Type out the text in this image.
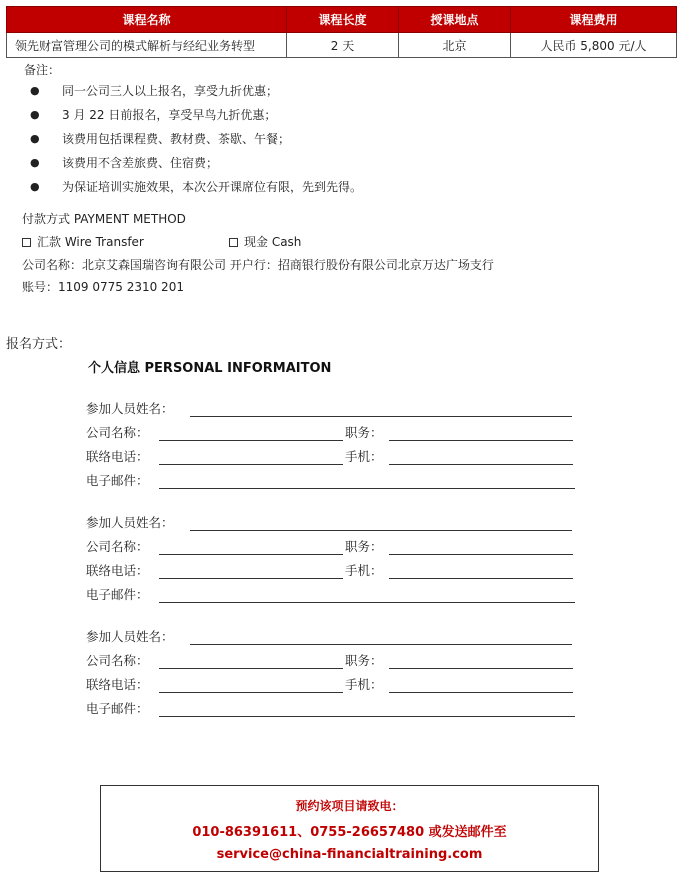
课程名称	课程长度	授课地点	课程费用
领先财富管理公司的模式解析与经纪业务转型	2 天	北京	人民币 5,800 元/人
备注：
●	同一公司三人以上报名，享受九折优惠；
●	3 月 22 日前报名，享受早鸟九折优惠；
●	该费用包括课程费、教材费、茶歇、午餐；
●	该费用不含差旅费、住宿费；
●	为保证培训实施效果，本次公开课席位有限，先到先得。
付款方式 PAYMENT METHOD
汇款 Wire Transfer	现金 Cash
公司名称：北京艾森国瑞咨询有限公司 开户行：招商银行股份有限公司北京万达广场支行
账号：1109 0775 2310 201
报名方式：
个人信息 PERSONAL INFORMAITON
参加人员姓名：
公司名称：	职务：
联络电话：	手机：
电子邮件：
参加人员姓名：
公司名称：	职务：
联络电话：	手机：
电子邮件：
参加人员姓名：
公司名称：	职务：
联络电话：	手机：
电子邮件：
预约该项目请致电：
010-86391611、0755-26657480 或发送邮件至
service@china-financialtraining.com
